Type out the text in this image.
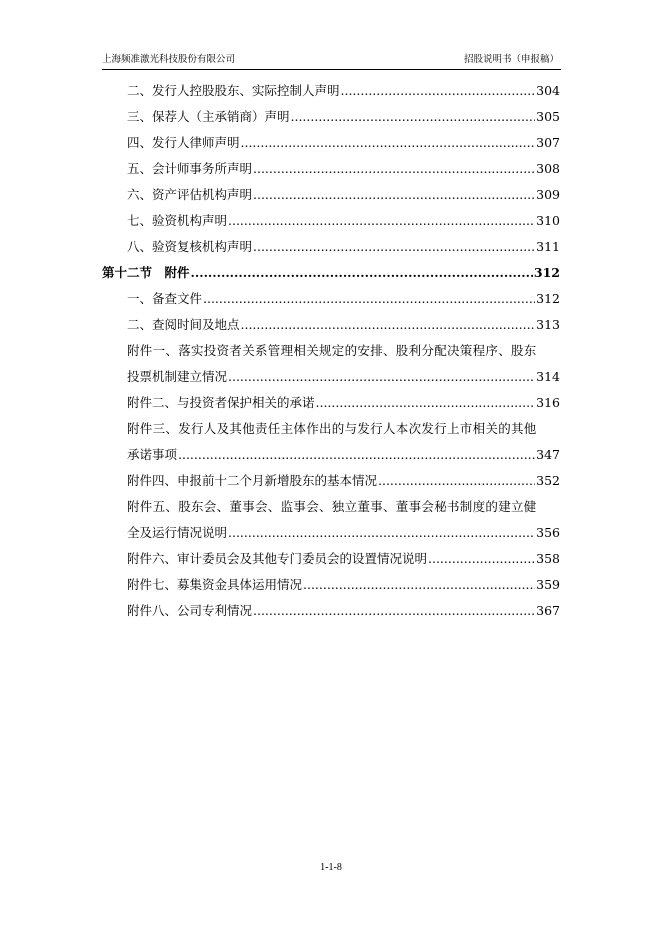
上海频准激光科技股份有限公司	招股说明书（申报稿）
二、发行人控股股东、实际控制人声明 .....	304
三、保荐人（主承销商）声明 .....	305
四、发行人律师声明 .....	307
五、会计师事务所声明 .....	308
六、资产评估机构声明 .....	309
七、验资机构声明 .....	310
八、验资复核机构声明 .....	311
第十二节　附件 .....	312
一、备查文件 .....	312
二、查阅时间及地点 .....	313
附件一、落实投资者关系管理相关规定的安排、股利分配决策程序、股东
投票机制建立情况 .....	314
附件二、与投资者保护相关的承诺 .....	316
附件三、发行人及其他责任主体作出的与发行人本次发行上市相关的其他
承诺事项 .....	347
附件四、申报前十二个月新增股东的基本情况 .....	352
附件五、股东会、董事会、监事会、独立董事、董事会秘书制度的建立健
全及运行情况说明 .....	356
附件六、审计委员会及其他专门委员会的设置情况说明 .....	358
附件七、募集资金具体运用情况 .....	359
附件八、公司专利情况 .....	367
1-1-8
